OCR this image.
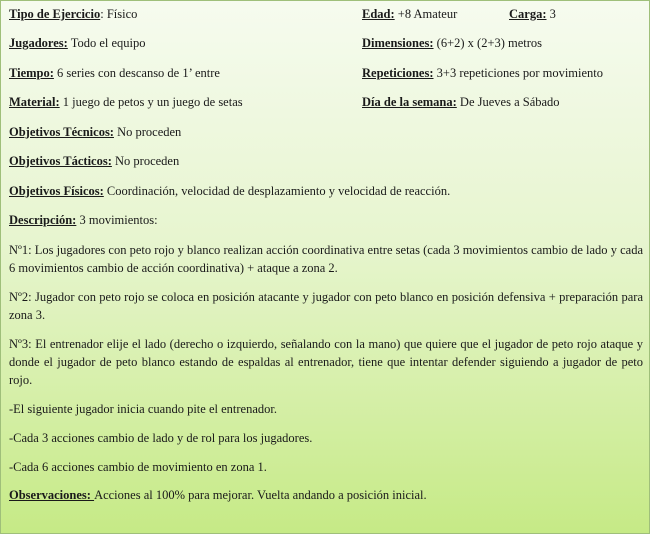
Tipo de Ejercicio: Físico	Edad: +8 Amateur	Carga: 3
Jugadores: Todo el equipo	Dimensiones: (6+2) x (2+3) metros
Tiempo: 6 series con descanso de 1’ entre	Repeticiones: 3+3 repeticiones por movimiento
Material: 1 juego de petos y un juego de setas	Día de la semana: De Jueves a Sábado
Objetivos Técnicos: No proceden
Objetivos Tácticos: No proceden
Objetivos Físicos: Coordinación, velocidad de desplazamiento y velocidad de reacción.
Descripción: 3 movimientos:
Nº1: Los jugadores con peto rojo y blanco realizan acción coordinativa entre setas (cada 3 movimientos cambio de lado y cada 6 movimientos cambio de acción coordinativa) + ataque a zona 2.
Nº2: Jugador con peto rojo se coloca en posición atacante y jugador con peto blanco en posición defensiva + preparación para zona 3.
Nº3: El entrenador elije el lado (derecho o izquierdo, señalando con la mano) que quiere que el jugador de peto rojo ataque y donde el jugador de peto blanco estando de espaldas al entrenador, tiene que intentar defender siguiendo a jugador de peto rojo.
-El siguiente jugador inicia cuando pite el entrenador.
-Cada 3 acciones cambio de lado y de rol para los jugadores.
-Cada 6 acciones cambio de movimiento en zona 1.
Observaciones: Acciones al 100% para mejorar. Vuelta andando a posición inicial.
